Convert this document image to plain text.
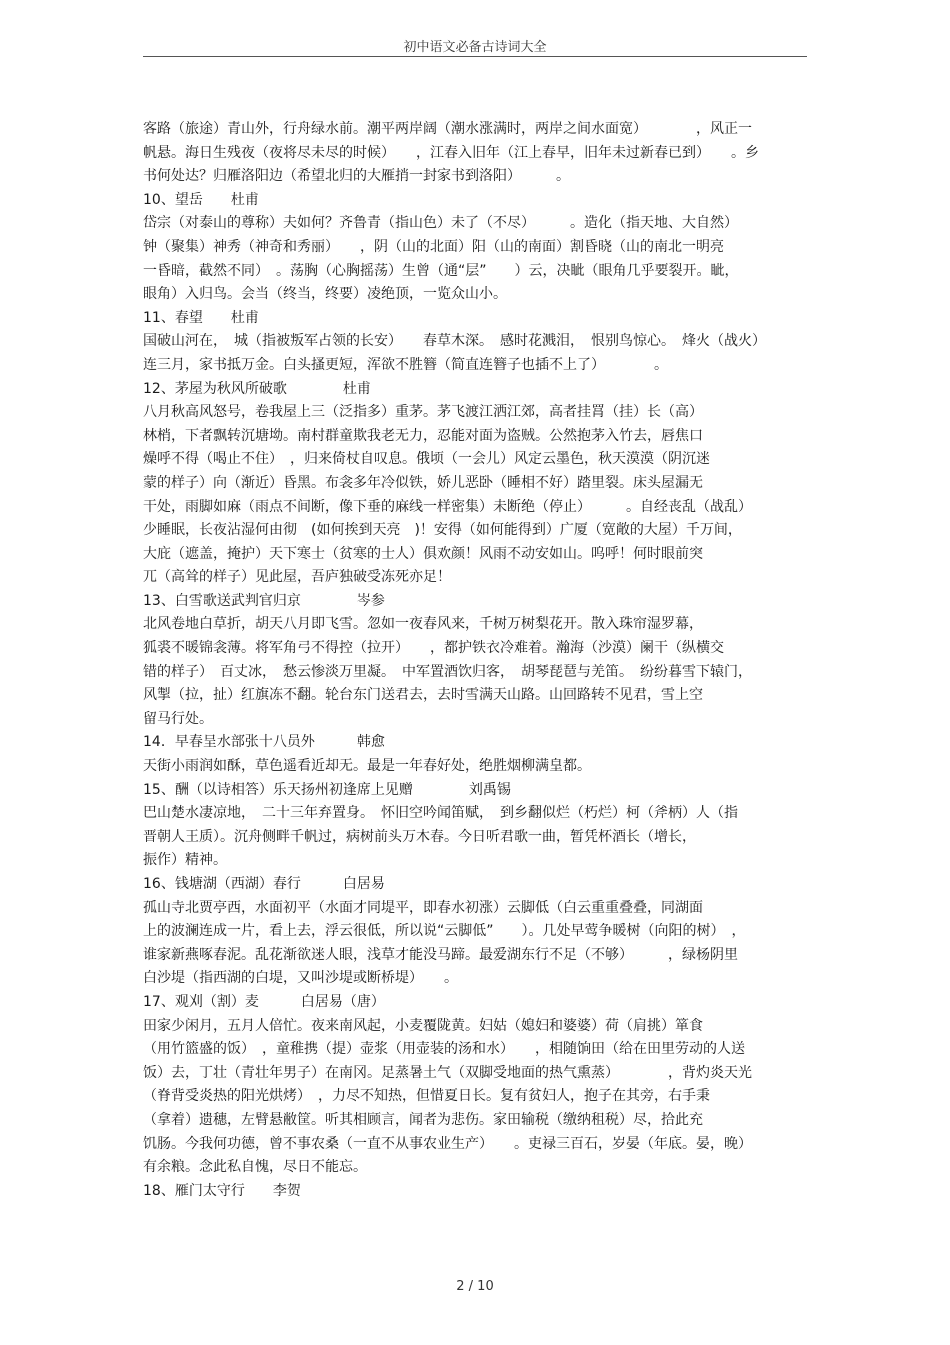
初中语文必备古诗词大全
客路（旅途）青山外，行舟绿水前。潮平两岸阔（潮水涨满时，两岸之间水面宽）　　　　，风正一
帆悬。海日生残夜（夜将尽未尽的时候）　　，江春入旧年（江上春早，旧年未过新春已到）　　。乡
书何处达？归雁洛阳边（希望北归的大雁捎一封家书到洛阳）　　　。
10、望岳　　杜甫
岱宗（对泰山的尊称）夫如何？齐鲁青（指山色）未了（不尽）　　　。造化（指天地、大自然）
钟（聚集）神秀（神奇和秀丽）　　，阴（山的北面）阳（山的南面）割昏晓（山的南北一明亮
一昏暗，截然不同）　。荡胸（心胸摇荡）生曾（通“层”　　）云，决眦（眼角几乎要裂开。眦，
眼角）入归鸟。会当（终当，终要）凌绝顶，一览众山小。
11、春望　　杜甫
国破山河在，　城（指被叛军占领的长安）　　春草木深。　感时花溅泪，　恨别鸟惊心。　烽火（战火）
连三月，家书抵万金。白头搔更短，浑欲不胜簪（简直连簪子也插不上了）　　　　。
12、茅屋为秋风所破歌　　　　杜甫
八月秋高风怒号，卷我屋上三（泛指多）重茅。茅飞渡江洒江郊，高者挂罥（挂）长（高）
林梢，下者飘转沉塘坳。南村群童欺我老无力，忍能对面为盗贼。公然抱茅入竹去，唇焦口
燥呼不得（喝止不住）　，归来倚杖自叹息。俄顷（一会儿）风定云墨色，秋天漠漠（阴沉迷
蒙的样子）向（渐近）昏黑。布衾多年冷似铁，娇儿恶卧（睡相不好）踏里裂。床头屋漏无
干处，雨脚如麻（雨点不间断，像下垂的麻线一样密集）未断绝（停止）　　　。自经丧乱（战乱）
少睡眠，长夜沾湿何由彻　(如何挨到天亮　)！安得（如何能得到）广厦（宽敞的大屋）千万间，
大庇（遮盖，掩护）天下寒士（贫寒的士人）俱欢颜！风雨不动安如山。呜呼！何时眼前突
兀（高耸的样子）见此屋，吾庐独破受冻死亦足！
13、白雪歌送武判官归京　　　　岑参
北风卷地白草折，胡天八月即飞雪。忽如一夜春风来，千树万树梨花开。散入珠帘湿罗幕，
狐裘不暖锦衾薄。将军角弓不得控（拉开）　　，都护铁衣冷难着。瀚海（沙漠）阑干（纵横交
错的样子）　百丈冰，　愁云惨淡万里凝。　中军置酒饮归客，　胡琴琵琶与羌笛。　纷纷暮雪下辕门，
风掣（拉，扯）红旗冻不翻。轮台东门送君去，去时雪满天山路。山回路转不见君，雪上空
留马行处。
14．早春呈水部张十八员外　　　韩愈
天街小雨润如酥，草色遥看近却无。最是一年春好处，绝胜烟柳满皇都。
15、酬（以诗相答）乐天扬州初逢席上见赠　　　　刘禹锡
巴山楚水凄凉地，　二十三年弃置身。　怀旧空吟闻笛赋，　到乡翻似烂（朽烂）柯（斧柄）人（指
晋朝人王质）。沉舟侧畔千帆过，病树前头万木春。今日听君歌一曲，暂凭杯酒长（增长，
振作）精神。
16、钱塘湖（西湖）春行　　　白居易
孤山寺北贾亭西，水面初平（水面才同堤平，即春水初涨）云脚低（白云重重叠叠，同湖面
上的波澜连成一片，看上去，浮云很低，所以说“云脚低”　　）。几处早莺争暖树（向阳的树）　，
谁家新燕啄春泥。乱花渐欲迷人眼，浅草才能没马蹄。最爱湖东行不足（不够）　　　，绿杨阴里
白沙堤（指西湖的白堤，又叫沙堤或断桥堤）　　。
17、观刈（割）麦　　　白居易（唐）
田家少闲月，五月人倍忙。夜来南风起，小麦覆陇黄。妇姑（媳妇和婆婆）荷（肩挑）箪食
（用竹篮盛的饭）　，童稚携（提）壶浆（用壶装的汤和水）　　，相随饷田（给在田里劳动的人送
饭）去，丁壮（青壮年男子）在南冈。足蒸暑土气（双脚受地面的热气熏蒸）　　　　，背灼炎天光
（脊背受炎热的阳光烘烤）　，力尽不知热，但惜夏日长。复有贫妇人，抱子在其旁，右手秉
（拿着）遗穗，左臂悬敝筐。听其相顾言，闻者为悲伤。家田输税（缴纳租税）尽，拾此充
饥肠。今我何功德，曾不事农桑（一直不从事农业生产）　　。吏禄三百石，岁晏（年底。晏，晚）
有余粮。念此私自愧，尽日不能忘。
18、雁门太守行　　李贺
2 / 10
